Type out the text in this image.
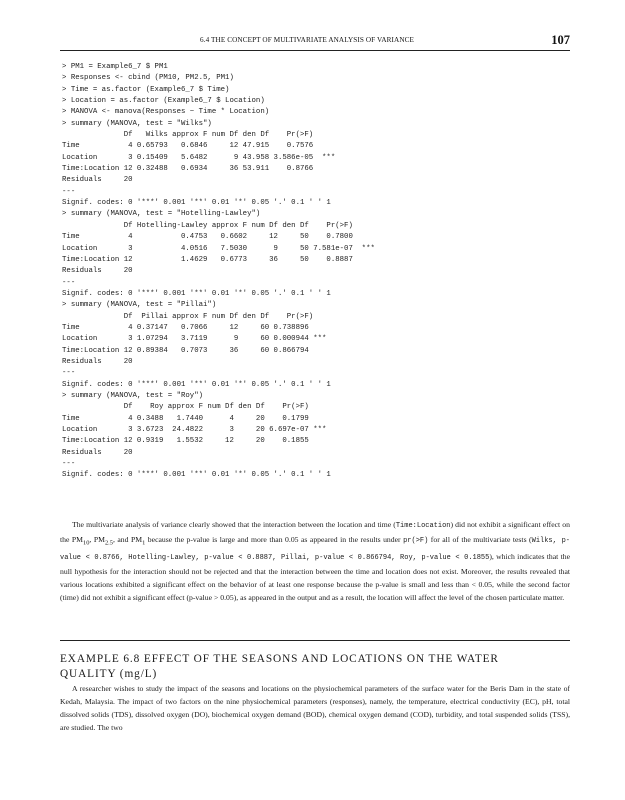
6.4 THE CONCEPT OF MULTIVARIATE ANALYSIS OF VARIANCE	107
> PM1 = Example6_7 $ PM1
> Responses <- cbind (PM10, PM2.5, PM1)
> Time = as.factor (Example6_7 $ Time)
> Location = as.factor (Example6_7 $ Location)
> MANOVA <- manova(Responses ~ Time * Location)
> summary (MANOVA, test = "Wilks")
Df   Wilks approx F num Df den Df    Pr(>F)
Time           4 0.65793   0.6846     12 47.915    0.7576
Location       3 0.15409   5.6482      9 43.958 3.586e-05  ***
Time:Location 12 0.32488   0.6934     36 53.911    0.8766
Residuals     20
---
Signif. codes: 0 '***' 0.001 '**' 0.01 '*' 0.05 '.' 0.1 ' ' 1
> summary (MANOVA, test = "Hotelling-Lawley")
Df Hotelling-Lawley approx F num Df den Df    Pr(>F)
Time           4           0.4753   0.6602     12     50    0.7800
Location       3           4.0516   7.5030      9     50 7.581e-07  ***
Time:Location 12           1.4629   0.6773     36     50    0.8887
Residuals     20
---
Signif. codes: 0 '***' 0.001 '**' 0.01 '*' 0.05 '.' 0.1 ' ' 1
> summary (MANOVA, test = "Pillai")
Df  Pillai approx F num Df den Df    Pr(>F)
Time           4 0.37147   0.7066     12     60 0.738896
Location       3 1.07294   3.7119      9     60 0.000944 ***
Time:Location 12 0.89384   0.7073     36     60 0.866794
Residuals     20
---
Signif. codes: 0 '***' 0.001 '**' 0.01 '*' 0.05 '.' 0.1 ' ' 1
> summary (MANOVA, test = "Roy")
Df    Roy approx F num Df den Df    Pr(>F)
Time           4 0.3488   1.7440      4     20    0.1799
Location       3 3.6723  24.4822      3     20 6.697e-07 ***
Time:Location 12 0.9319   1.5532     12     20    0.1855
Residuals     20
---
Signif. codes: 0 '***' 0.001 '**' 0.01 '*' 0.05 '.' 0.1 ' ' 1
The multivariate analysis of variance clearly showed that the interaction between the location and time (Time:Location) did not exhibit a significant effect on the $PM_{10}$, $PM_{2.5}$, and $PM_1$ because the p-value is large and more than 0.05 as appeared in the results under pr(>F) for all of the multivariate tests (Wilks, p-value < 0.8766, Hotelling-Lawley, p-value < 0.8887, Pillai, p-value < 0.866794, Roy, p-value < 0.1855), which indicates that the null hypothesis for the interaction should not be rejected and that the interaction between the time and location does not exist. Moreover, the results revealed that various locations exhibited a significant effect on the behavior of at least one response because the p-value is small and less than < 0.05, while the second factor (time) did not exhibit a significant effect (p-value > 0.05), as appeared in the output and as a result, the location will affect the level of the chosen particulate matter.
EXAMPLE 6.8 EFFECT OF THE SEASONS AND LOCATIONS ON THE WATER
QUALITY (mg/L)
A researcher wishes to study the impact of the seasons and locations on the physiochemical parameters of the surface water for the Beris Dam in the state of Kedah, Malaysia. The impact of two factors on the nine physiochemical parameters (responses), namely, the temperature, electrical conductivity (EC), pH, total dissolved solids (TDS), dissolved oxygen (DO), biochemical oxygen demand (BOD), chemical oxygen demand (COD), turbidity, and total suspended solids (TSS), are studied. The two
